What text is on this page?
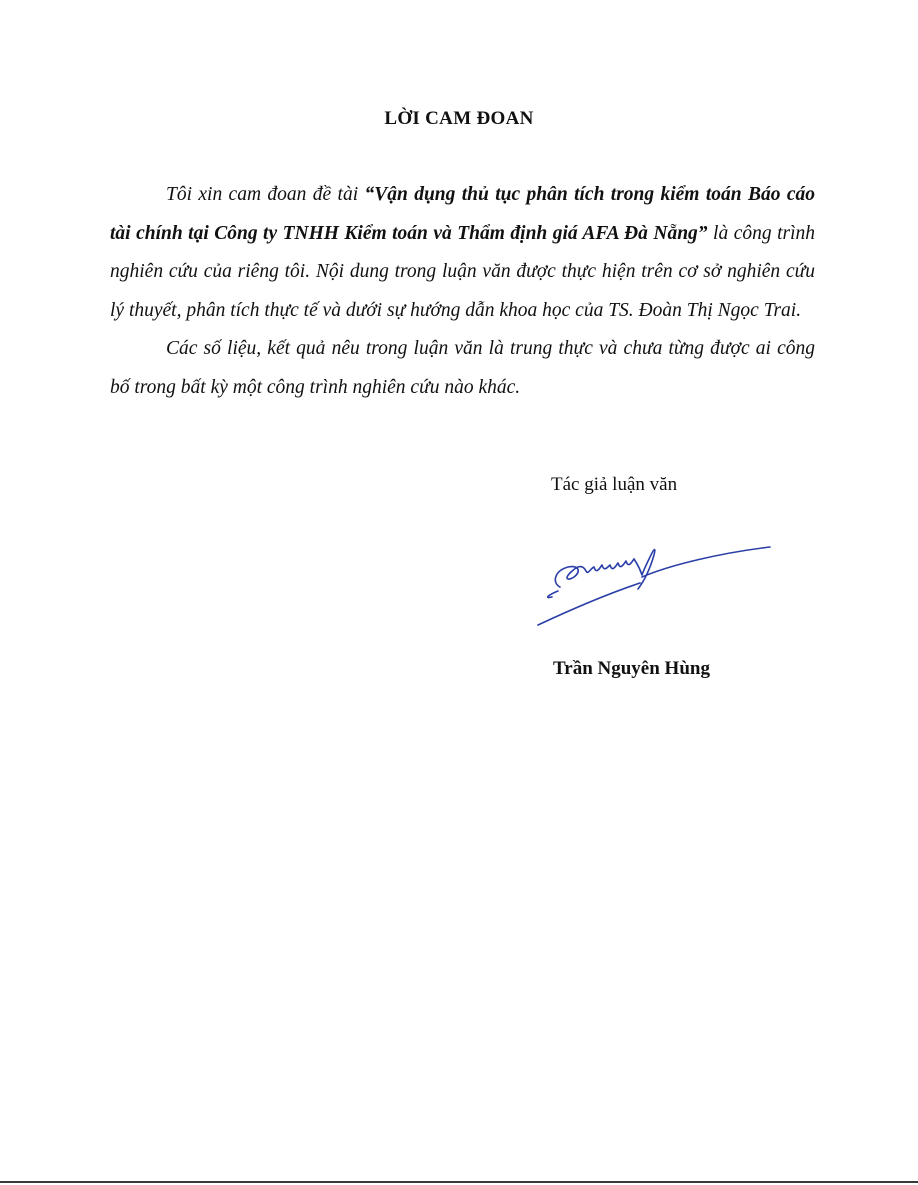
LỜI CAM ĐOAN

Tôi xin cam đoan đề tài “Vận dụng thủ tục phân tích trong kiểm toán Báo cáo tài chính tại Công ty TNHH Kiểm toán và Thẩm định giá AFA Đà Nẵng” là công trình nghiên cứu của riêng tôi. Nội dung trong luận văn được thực hiện trên cơ sở nghiên cứu lý thuyết, phân tích thực tế và dưới sự hướng dẫn khoa học của TS. Đoàn Thị Ngọc Trai.

Các số liệu, kết quả nêu trong luận văn là trung thực và chưa từng được ai công bố trong bất kỳ một công trình nghiên cứu nào khác.

Tác giả luận văn
Trần Nguyên Hùng
